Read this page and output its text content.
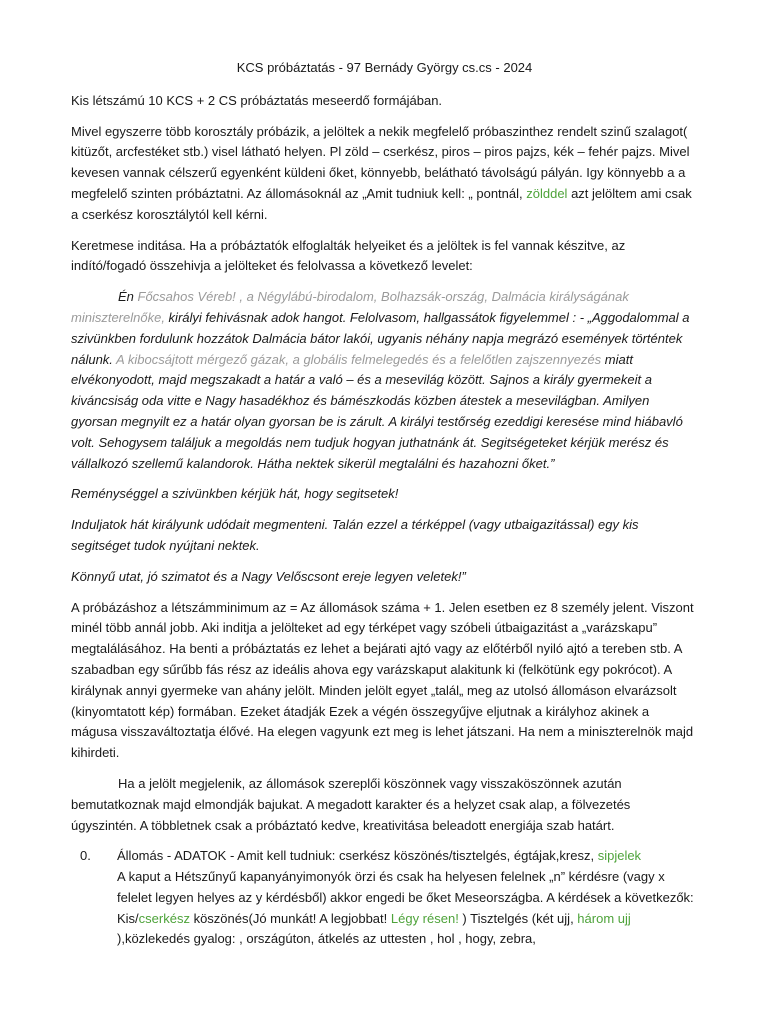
KCS próbáztatás - 97 Bernády György cs.cs - 2024

Kis létszámú 10 KCS + 2 CS próbáztatás meseerdő formájában.

Mivel egyszerre több korosztály próbázik, a jelöltek a nekik megfelelő próbaszinthez rendelt szinű szalagot( kitüzőt, arcfestéket stb.) visel látható helyen. Pl zöld – cserkész, piros – piros pajzs, kék – fehér pajzs. Mivel kevesen vannak célszerű egyenként küldeni őket, könnyebb, belátható távolságú pályán. Igy könnyebb a a megfelelő szinten próbáztatni. Az állomásoknál az „Amit tudniuk kell: „ pontnál, zölddel azt jelöltem ami csak a cserkész korosztálytól kell kérni.

Keretmese inditása. Ha a próbáztatók elfoglalták helyeiket és a jelöltek is fel vannak készitve, az indító/fogadó összehivja a jelölteket és felolvassa a következő levelet:

Én Főcsahos Véreb! , a Négylábú-birodalom, Bolhazsák-ország, Dalmácia királyságának miniszterelnőke, királyi fehivásnak adok hangot. Felolvasom, hallgassátok figyelemmel : - „Aggodalommal a szivünkben fordulunk hozzátok Dalmácia bátor lakói, ugyanis néhány napja megrázó események történtek nálunk. A kibocsájtott mérgező gázak, a globális felmelegedés és a felelőtlen zajszennyezés miatt elvékonyodott, majd megszakadt a határ a való – és a mesevilág között. Sajnos a király gyermekeit a kiváncsiság oda vitte e Nagy hasadékhoz és bámészkodás közben átestek a mesevilágban. Amilyen gyorsan megnyilt ez a határ olyan gyorsan be is zárult. A királyi testőrség ezeddigi keresése mind hiábavló volt. Sehogysem találjuk a megoldás nem tudjuk hogyan juthatnánk át. Segitségeteket kérjük merész és vállalkozó szellemű kalandorok. Hátha nektek sikerül megtalálni és hazahozni őket.”

Reménységgel a szivünkben kérjük hát, hogy segitsetek!

Induljatok hát királyunk udódait megmenteni. Talán ezzel a térképpel (vagy utbaigazitással) egy kis segitséget tudok nyújtani nektek.

Könnyű utat, jó szimatot és a Nagy Velőscsont ereje legyen veletek!”

A próbázáshoz a létszámminimum az = Az állomások száma + 1. Jelen esetben ez 8 személy jelent. Viszont minél több annál jobb. Aki inditja a jelölteket ad egy térképet vagy szóbeli útbaigazitást a „varázskapu” megtalálásához. Ha benti a próbáztatás ez lehet a bejárati ajtó vagy az előtérből nyiló ajtó a tereben stb. A szabadban egy sűrűbb fás rész az ideális ahova egy varázskaput alakitunk ki (felkötünk egy pokrócot). A királynak annyi gyermeke van ahány jelölt. Minden jelölt egyet „talál„ meg az utolsó állomáson elvarázsolt (kinyomtatott kép) formában. Ezeket átadják Ezek a végén összegyűjve eljutnak a királyhoz akinek a mágusa visszaváltoztatja élővé. Ha elegen vagyunk ezt meg is lehet játszani. Ha nem a miniszterelnök majd kihirdeti.

Ha a jelölt megjelenik, az állomások szereplői köszönnek vagy visszaköszönnek azután bemutatkoznak majd elmondják bajukat. A megadott karakter és a helyzet csak alap, a fölvezetés úgyszintén. A többletnek csak a próbáztató kedve, kreativitása beleadott energiája szab határt.

0. Állomás - ADATOK - Amit kell tudniuk: cserkész köszönés/tisztelgés, égtájak,kresz, sipjelek
A kaput a Hétszűnyű kapanyányimonyók örzi és csak ha helyesen felelnek „n” kérdésre (vagy x felelet legyen helyes az y kérdésből) akkor engedi be őket Meseországba. A kérdések a következők: Kis/cserkész köszönés(Jó munkát! A legjobbat! Légy résen! ) Tisztelgés (két ujj, három ujj ),közlekedés gyalog: , országúton, átkelés az uttesten , hol , hogy, zebra,
